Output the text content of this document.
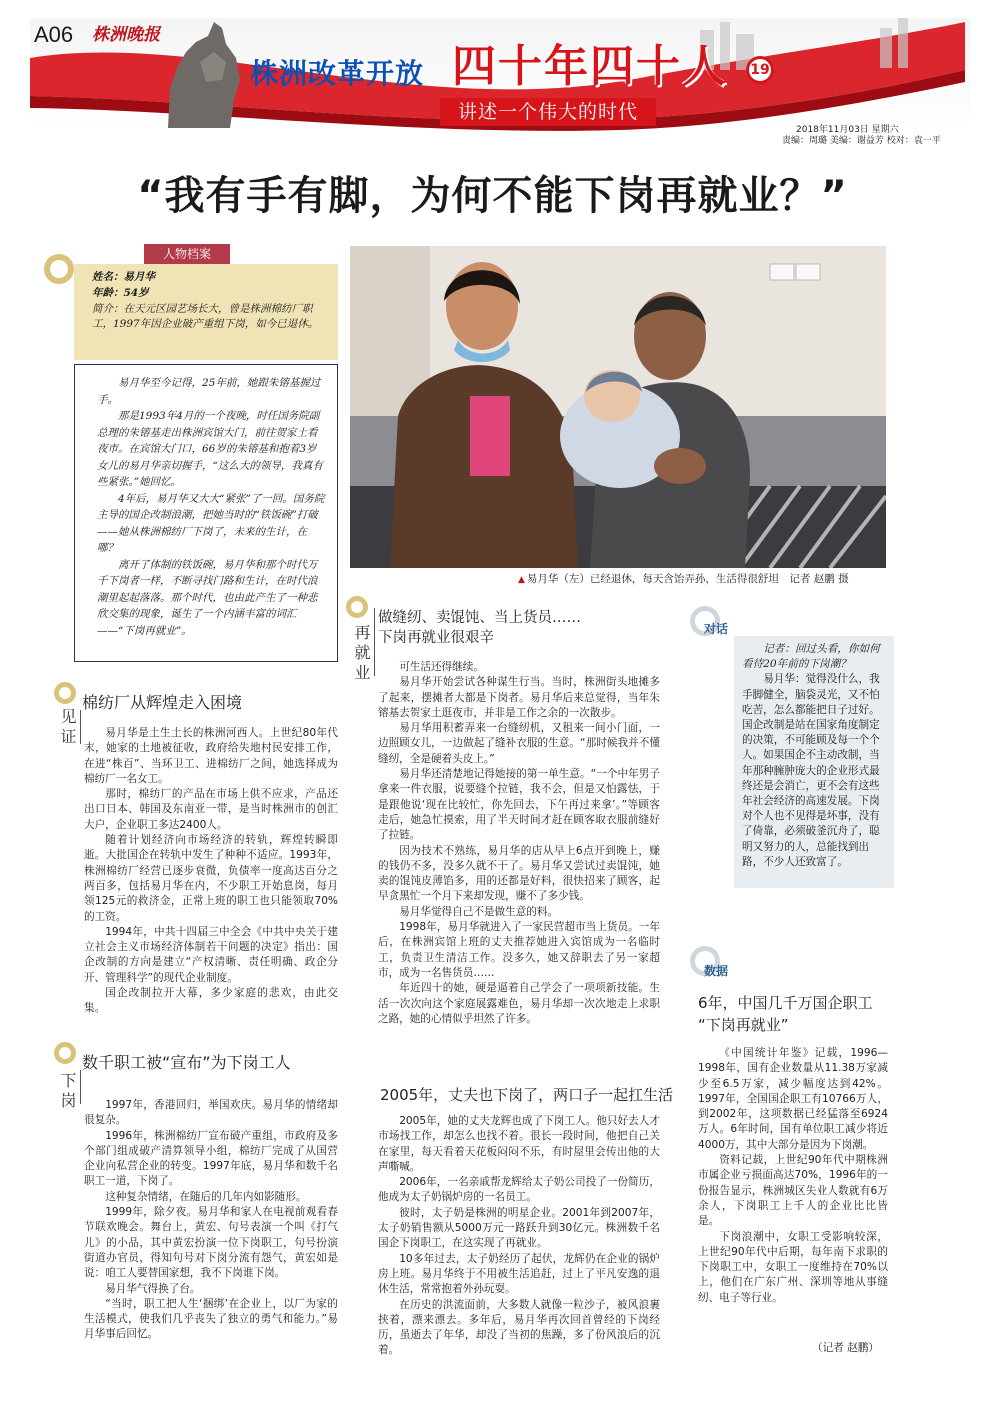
A06 株洲晚报
株洲改革开放 四十年四十人	19
讲述一个伟大的时代
2018年11月03日 星期六
责编：周璐 美编：谢益芳 校对：袁一平
“我有手有脚，为何不能下岗再就业？”
人物档案

姓名：易月华

年龄：54岁

简介：在天元区园艺场长大，曾是株洲棉纺厂职工，1997年因企业破产重组下岗，如今已退休。

易月华至今记得，25年前，她跟朱镕基握过手。

那是1993年4月的一个夜晚，时任国务院副总理的朱镕基走出株洲宾馆大门，前往贺家土看夜市。在宾馆大门口，66岁的朱镕基和抱着3岁女儿的易月华亲切握手，“这么大的领导，我真有些紧张。”她回忆。

4年后，易月华又大大“紧张”了一回。国务院主导的国企改制浪潮，把她当时的“铁饭碗”打破——她从株洲棉纺厂下岗了，未来的生计，在哪？

离开了体制的铁饭碗，易月华和那个时代万千下岗者一样，不断寻找门路和生计，在时代浪潮里起起落落。那个时代，也由此产生了一种悲欣交集的现象，诞生了一个内涵丰富的词汇——“下岗再就业”。

▲ 易月华（左）已经退休，每天含饴弄孙，生活得很舒坦　记者 赵鹏 摄
棉纺厂从辉煌走入困境
见证	易月华是土生土长的株洲河西人。上世纪80年代末，她家的土地被征收，政府给失地村民安排工作，在进“株百”、当环卫工、进棉纺厂之间，她选择成为棉纺厂一名女工。

那时，棉纺厂的产品在市场上供不应求，产品还出口日本、韩国及东南亚一带，是当时株洲市的创汇大户，企业职工多达2400人。

随着计划经济向市场经济的转轨，辉煌转瞬即逝。大批国企在转轨中发生了种种不适应。1993年，株洲棉纺厂经营已逐步衰微，负债率一度高达百分之两百多，包括易月华在内，不少职工开始息岗，每月领125元的救济金，正常上班的职工也只能领取70%的工资。

1994年，中共十四届三中全会《中共中央关于建立社会主义市场经济体制若干问题的决定》指出：国企改制的方向是建立“产权清晰、责任明确、政企分开、管理科学”的现代企业制度。

国企改制拉开大幕，多少家庭的悲欢，由此交集。

数千职工被“宣布”为下岗工人
下岗	1997年，香港回归，举国欢庆。易月华的情绪却很复杂。

1996年，株洲棉纺厂宣布破产重组，市政府及多个部门组成破产清算领导小组，棉纺厂完成了从国营企业向私营企业的转变。1997年底，易月华和数千名职工一道，下岗了。

这种复杂情绪，在随后的几年内如影随形。

1999年，除夕夜。易月华和家人在电视前观看春节联欢晚会。舞台上，黄宏、句号表演一个叫《打气儿》的小品，其中黄宏扮演一位下岗职工，句号扮演街道办官员，得知句号对下岗分流有怨气，黄宏如是说：咱工人要替国家想，我不下岗谁下岗。

易月华气得换了台。

“当时，职工把人生‘捆绑’在企业上，以厂为家的生活模式，使我们几乎丧失了独立的勇气和能力。”易月华事后回忆。

做缝纫、卖馄饨、当上货员……
下岗再就业很艰辛
再就业	可生活还得继续。

易月华开始尝试各种谋生行当。当时，株洲街头地摊多了起来，摆摊者大都是下岗者。易月华后来总觉得，当年朱镕基去贺家土逛夜市，并非是工作之余的一次散步。

易月华用积蓄弄来一台缝纫机，又租来一间小门面，一边照顾女儿，一边做起了缝补衣服的生意。“那时候我并不懂缝纫，全是硬着头皮上。”

易月华还清楚地记得她接的第一单生意。“一个中年男子拿来一件衣服，说要缝个拉链，我不会，但是又怕露怯，于是跟他说‘现在比较忙，你先回去，下午再过来拿’。”等顾客走后，她急忙摸索，用了半天时间才赶在顾客取衣服前缝好了拉链。

因为技术不熟练，易月华的店从早上6点开到晚上，赚的钱仍不多，没多久就不干了。易月华又尝试过卖馄饨，她卖的馄饨皮薄馅多，用的还都是好料，很快招来了顾客，起早贪黑忙一个月下来却发现，赚不了多少钱。

易月华觉得自己不是做生意的料。

1998年，易月华就进入了一家民营超市当上货员。一年后，在株洲宾馆上班的丈夫推荐她进入宾馆成为一名临时工，负责卫生清洁工作。没多久，她又辞职去了另一家超市，成为一名售货员……

年近四十的她，硬是逼着自己学会了一项项新技能。生活一次次向这个家庭展露难色，易月华却一次次地走上求职之路，她的心情似乎坦然了许多。

2005年，丈夫也下岗了，两口子一起扛生活

2005年，她的丈夫龙辉也成了下岗工人。他只好去人才市场找工作，却怎么也找不着。很长一段时间，他把自己关在家里，每天看着天花板闷闷不乐，有时屋里会传出他的大声嘶喊。

2006年，一名亲戚帮龙辉给太子奶公司投了一份简历，他成为太子奶锅炉房的一名员工。

彼时，太子奶是株洲的明星企业。2001年到2007年，太子奶销售额从5000万元一路跃升到30亿元。株洲数千名国企下岗职工，在这实现了再就业。

10多年过去，太子奶经历了起伏，龙辉仍在企业的锅炉房上班。易月华终于不用被生活追赶，过上了平凡安逸的退休生活，常常抱着外孙玩耍。

在历史的洪流面前，大多数人就像一粒沙子，被风浪裹挟着，漂来漂去。多年后，易月华再次回首曾经的下岗经历，虽逝去了年华，却没了当初的焦躁，多了份风浪后的沉着。

对话

记者：回过头看，你如何看待20年前的下岗潮？

易月华：觉得没什么，我手脚健全，脑袋灵光，又不怕吃苦，怎么都能把日子过好。国企改制是站在国家角度制定的决策，不可能顾及每一个个人。如果国企不主动改制，当年那种臃肿庞大的企业形式最终还是会消亡，更不会有这些年社会经济的高速发展。下岗对个人也不见得是坏事，没有了倚靠，必须破釜沉舟了，聪明又努力的人，总能找到出路，不少人还致富了。

数据
6年，中国几千万国企职工
“下岗再就业”

《中国统计年鉴》记载，1996—1998年，国有企业数量从11.38万家减少至6.5万家，减少幅度达到42%。1997年，全国国企职工有10766万人，到2002年，这项数据已经猛落至6924万人。6年时间，国有单位职工减少将近4000万，其中大部分是因为下岗潮。

资料记载，上世纪90年代中期株洲市属企业亏损面高达70%，1996年的一份报告显示，株洲城区失业人数就有6万余人，下岗职工上千人的企业比比皆是。

下岗浪潮中，女职工受影响较深，上世纪90年代中后期，每年南下求职的下岗职工中，女职工一度维持在70%以上，他们在广东广州、深圳等地从事缝纫、电子等行业。

（记者 赵鹏）
